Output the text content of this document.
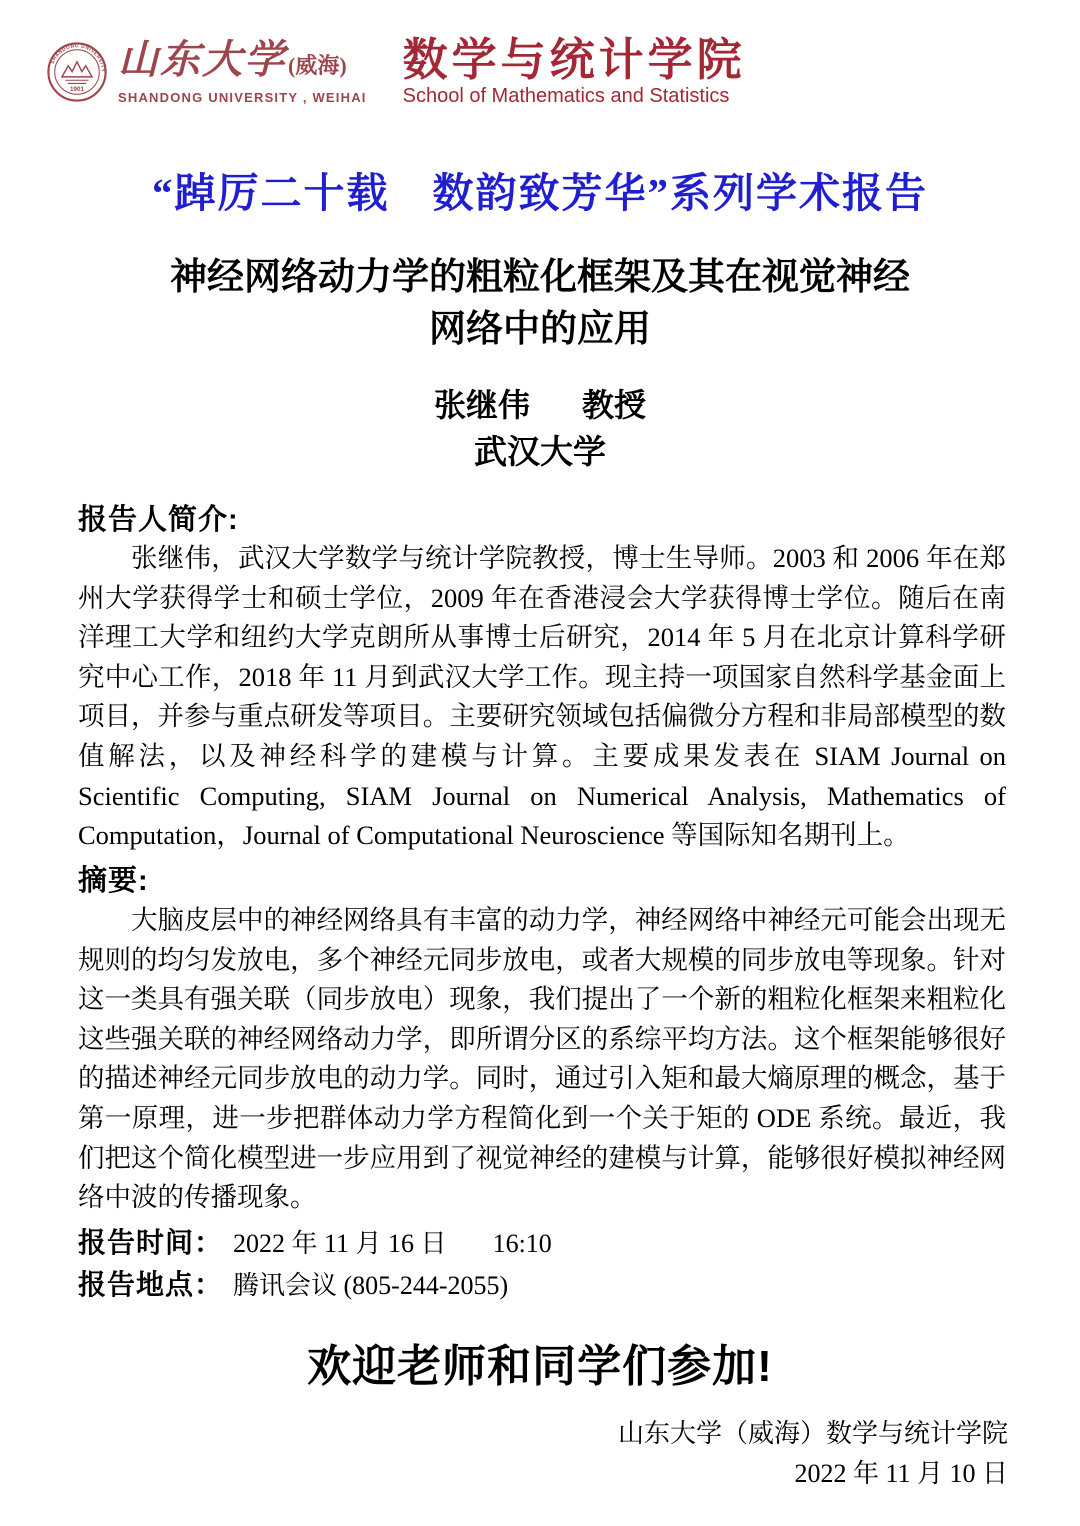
SHANDONG UNIVERSITY
1901
山东大学(威海)
SHANDONG UNIVERSITY , WEIHAI
数学与统计学院
School of Mathematics and Statistics
“踔厉二十载　数韵致芳华”系列学术报告
神经网络动力学的粗粒化框架及其在视觉神经
网络中的应用
张继伟 教授
武汉大学
报告人简介:

张继伟，武汉大学数学与统计学院教授，博士生导师。2003 和 2006 年在郑州大学获得学士和硕士学位，2009 年在香港浸会大学获得博士学位。随后在南洋理工大学和纽约大学克朗所从事博士后研究，2014 年 5 月在北京计算科学研究中心工作，2018 年 11 月到武汉大学工作。现主持一项国家自然科学基金面上项目，并参与重点研发等项目。主要研究领域包括偏微分方程和非局部模型的数值解法，以及神经科学的建模与计算。主要成果发表在 SIAM Journal on Scientific Computing, SIAM Journal on Numerical Analysis, Mathematics of Computation，Journal of Computational Neuroscience 等国际知名期刊上。

摘要:

大脑皮层中的神经网络具有丰富的动力学，神经网络中神经元可能会出现无规则的均匀发放电，多个神经元同步放电，或者大规模的同步放电等现象。针对这一类具有强关联（同步放电）现象，我们提出了一个新的粗粒化框架来粗粒化这些强关联的神经网络动力学，即所谓分区的系综平均方法。这个框架能够很好的描述神经元同步放电的动力学。同时，通过引入矩和最大熵原理的概念，基于第一原理，进一步把群体动力学方程简化到一个关于矩的 ODE 系统。最近，我们把这个简化模型进一步应用到了视觉神经的建模与计算，能够很好模拟神经网络中波的传播现象。

报告时间： 2022 年 11 月 16 日 16:10
报告地点： 腾讯会议 (805-244-2055)
欢迎老师和同学们参加!
山东大学（威海）数学与统计学院
2022 年 11 月 10 日
